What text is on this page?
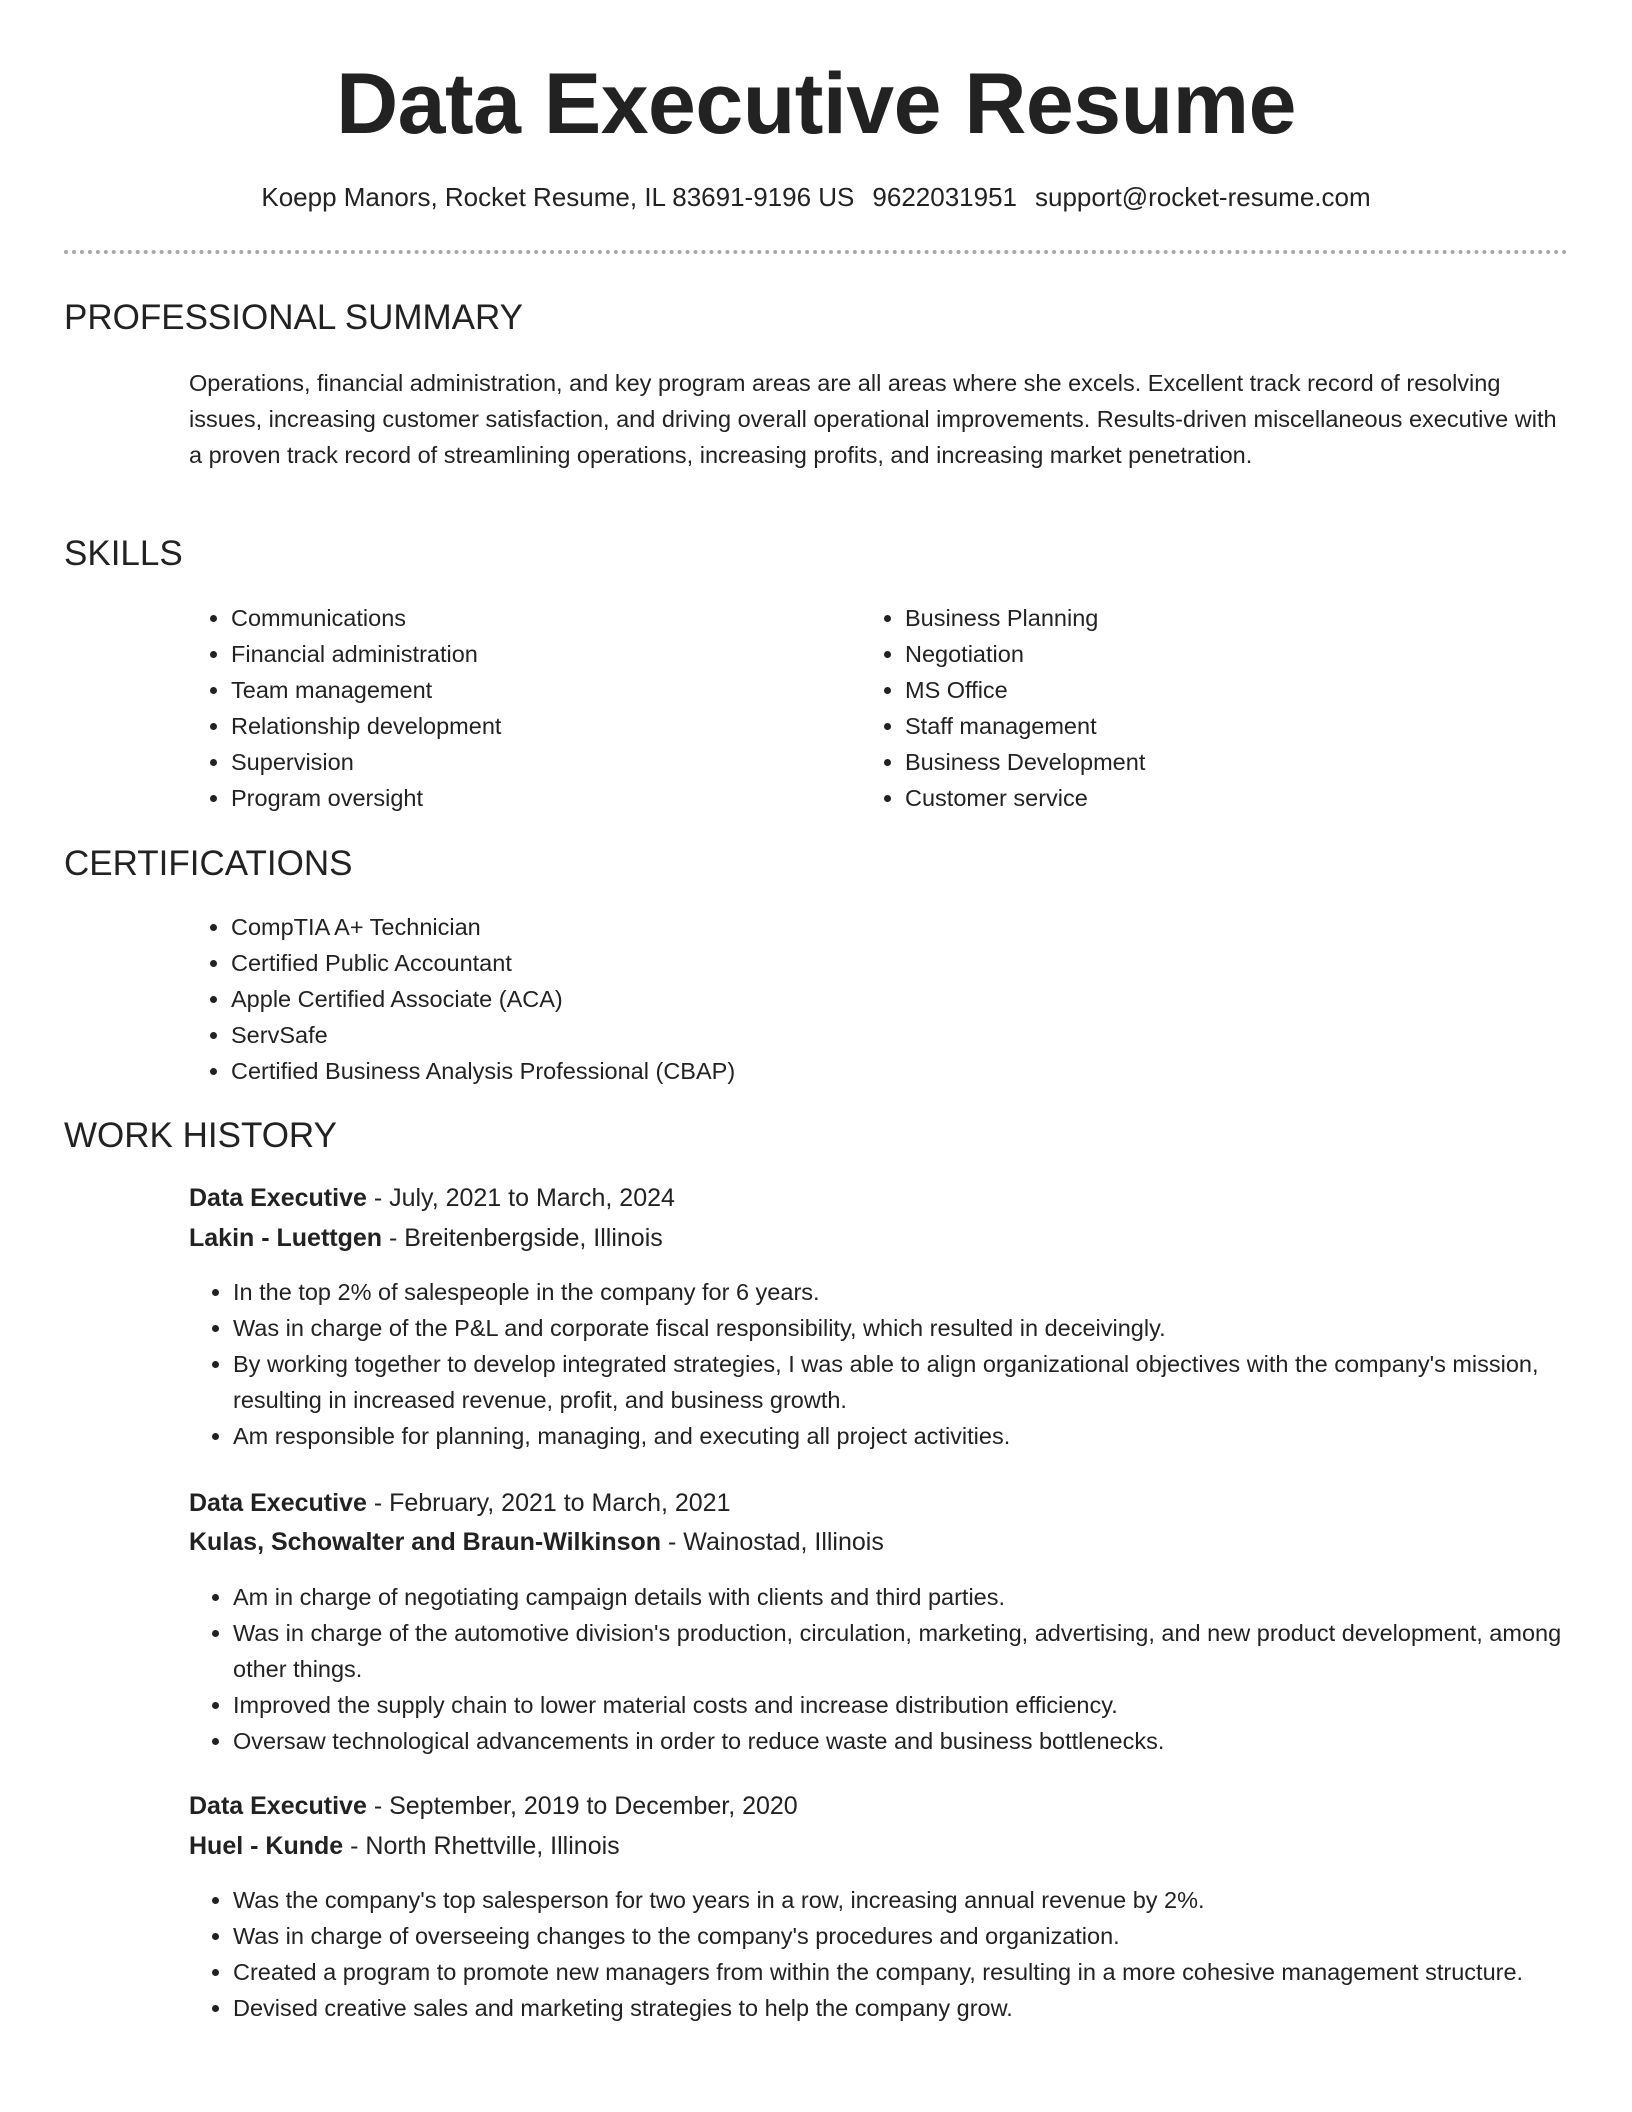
Data Executive Resume
Koepp Manors, Rocket Resume, IL 83691-9196 US 9622031951 support@rocket-resume.com
PROFESSIONAL SUMMARY

Operations, financial administration, and key program areas are all areas where she excels. Excellent track record of resolving issues, increasing customer satisfaction, and driving overall operational improvements. Results-driven miscellaneous executive with a proven track record of streamlining operations, increasing profits, and increasing market penetration.

SKILLS
• Communications
• Financial administration
• Team management
• Relationship development
• Supervision
• Program oversight
• Business Planning
• Negotiation
• MS Office
• Staff management
• Business Development
• Customer service
CERTIFICATIONS
• CompTIA A+ Technician
• Certified Public Accountant
• Apple Certified Associate (ACA)
• ServSafe
• Certified Business Analysis Professional (CBAP)
WORK HISTORY
Data Executive - July, 2021 to March, 2024
Lakin - Luettgen - Breitenbergside, Illinois
• In the top 2% of salespeople in the company for 6 years.
• Was in charge of the P&L and corporate fiscal responsibility, which resulted in deceivingly.
• By working together to develop integrated strategies, I was able to align organizational objectives with the company's mission, resulting in increased revenue, profit, and business growth.
• Am responsible for planning, managing, and executing all project activities.
Data Executive - February, 2021 to March, 2021
Kulas, Schowalter and Braun-Wilkinson - Wainostad, Illinois
• Am in charge of negotiating campaign details with clients and third parties.
• Was in charge of the automotive division's production, circulation, marketing, advertising, and new product development, among other things.
• Improved the supply chain to lower material costs and increase distribution efficiency.
• Oversaw technological advancements in order to reduce waste and business bottlenecks.
Data Executive - September, 2019 to December, 2020
Huel - Kunde - North Rhettville, Illinois
• Was the company's top salesperson for two years in a row, increasing annual revenue by 2%.
• Was in charge of overseeing changes to the company's procedures and organization.
• Created a program to promote new managers from within the company, resulting in a more cohesive management structure.
• Devised creative sales and marketing strategies to help the company grow.
